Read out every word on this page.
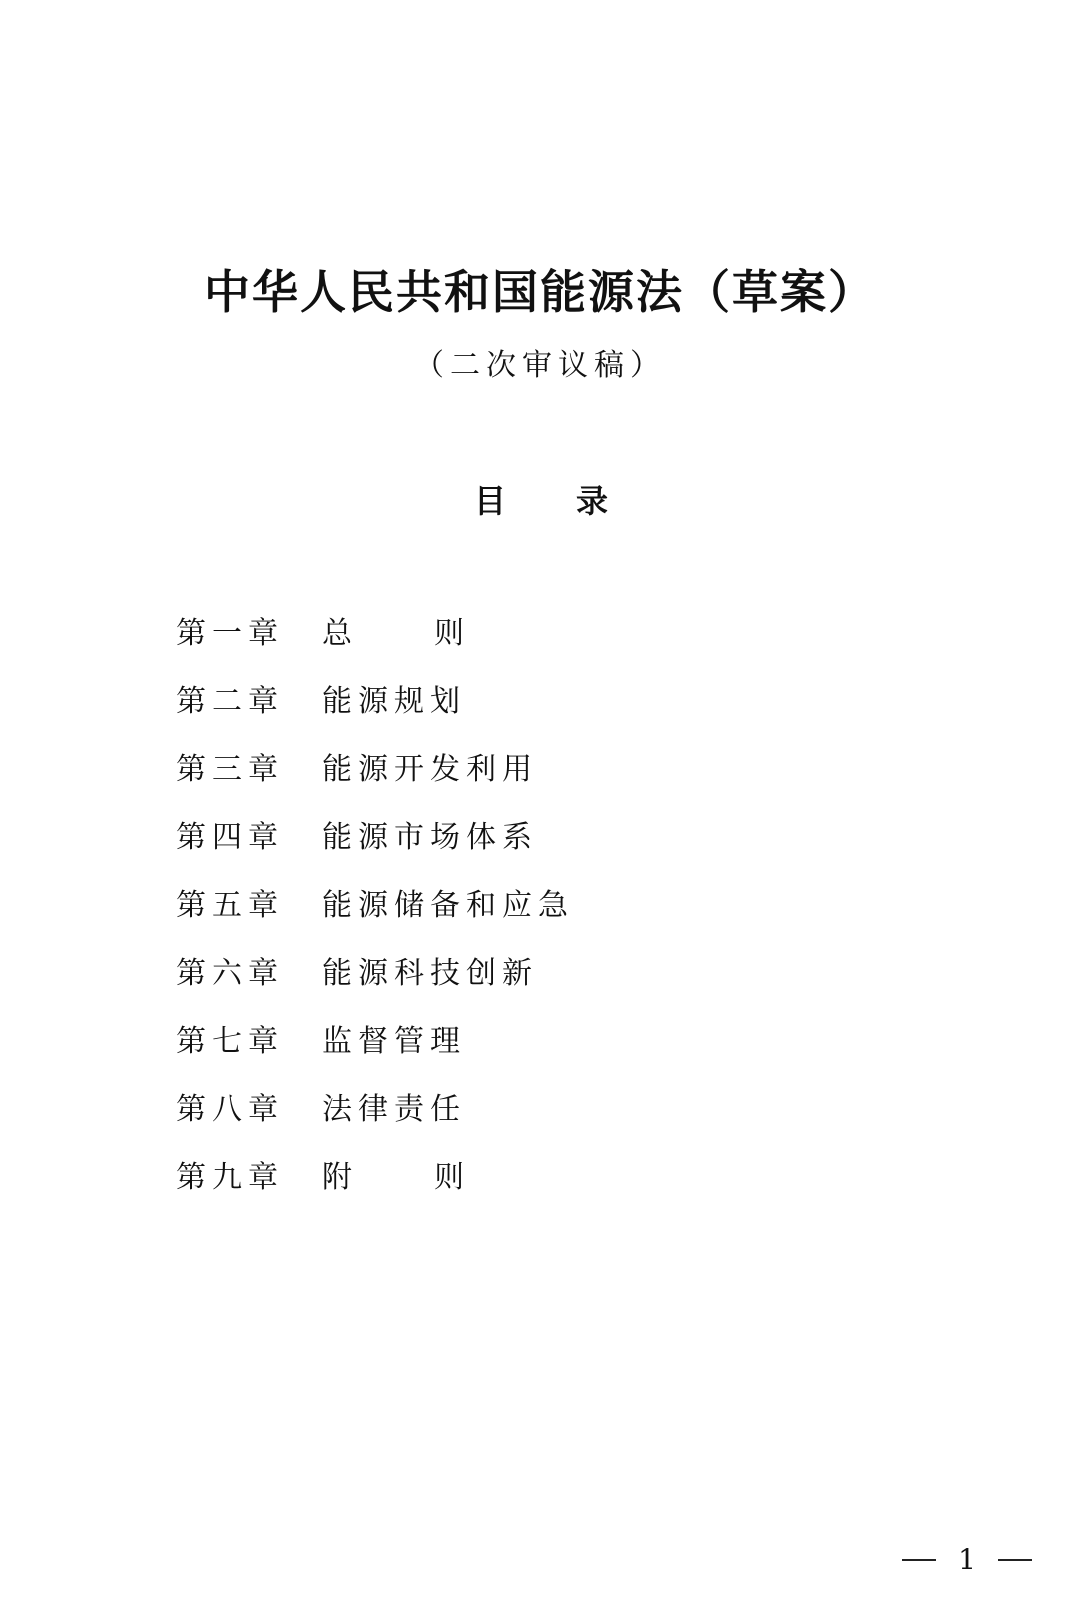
中华人民共和国能源法（草案）
（二次审议稿）
目 录
第一章 总　则
第二章 能源规划
第三章 能源开发利用
第四章 能源市场体系
第五章 能源储备和应急
第六章 能源科技创新
第七章 监督管理
第八章 法律责任
第九章 附　则
1
